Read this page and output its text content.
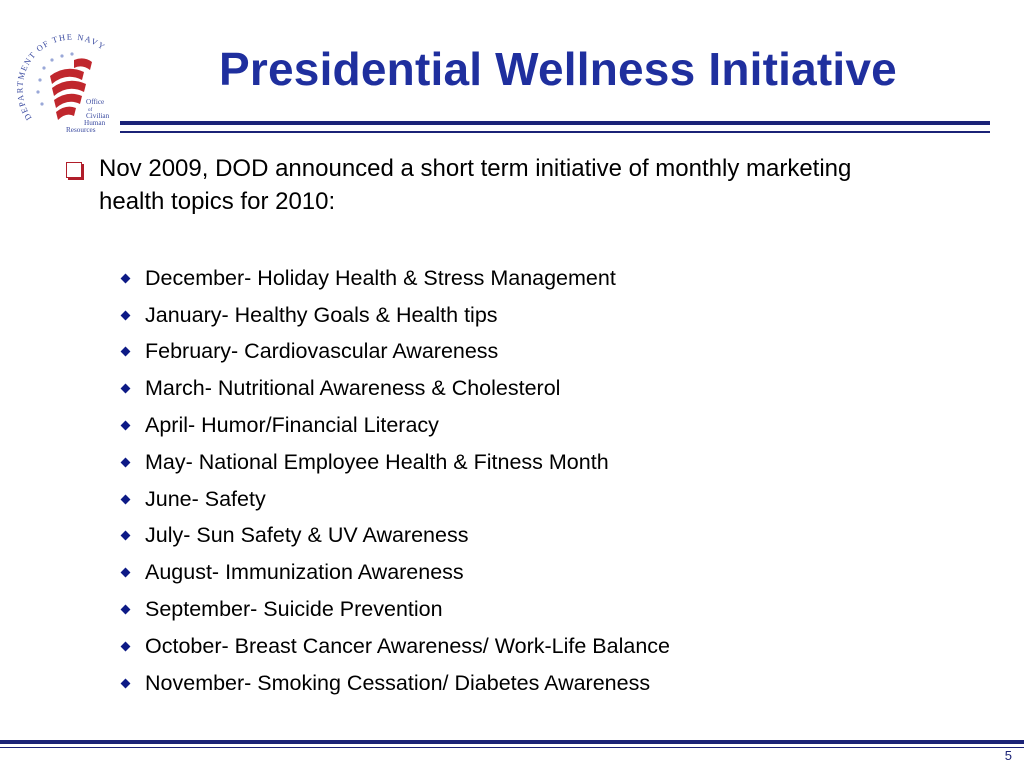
DEPARTMENT OF THE NAVY
Office
of
Civilian
Human
Resources
Presidential Wellness Initiative
Nov 2009, DOD announced a short term initiative of monthly marketing health topics for 2010:
December- Holiday Health & Stress Management
January- Healthy Goals & Health tips
February- Cardiovascular Awareness
March- Nutritional Awareness & Cholesterol
April- Humor/Financial Literacy
May- National Employee Health & Fitness Month
June- Safety
July- Sun Safety & UV Awareness
August- Immunization Awareness
September- Suicide Prevention
October- Breast Cancer Awareness/ Work-Life Balance
November- Smoking Cessation/ Diabetes Awareness
5
